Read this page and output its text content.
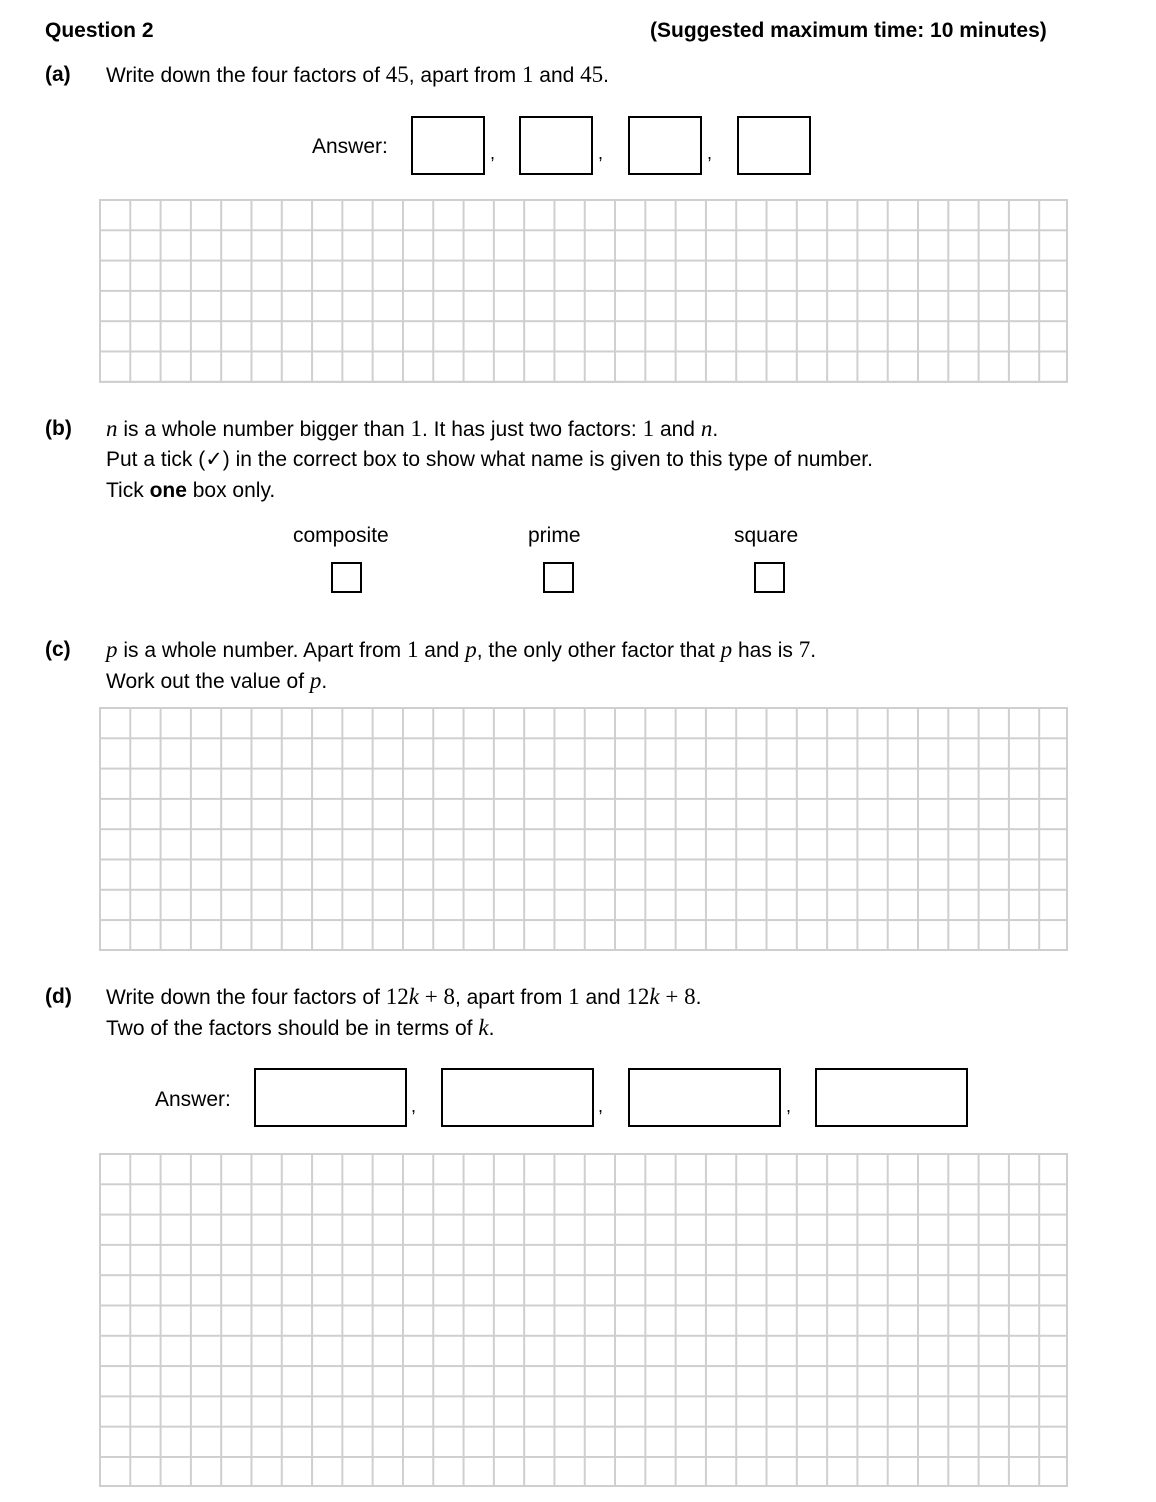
Question 2	(Suggested maximum time: 10 minutes)
(a) Write down the four factors of 45, apart from 1 and 45.
Answer:	,	,	,
(b) n is a whole number bigger than 1. It has just two factors: 1 and n.
Put a tick (✓) in the correct box to show what name is given to this type of number.
Tick one box only.
composite	prime	square
(c) p is a whole number. Apart from 1 and p, the only other factor that p has is 7.
Work out the value of p.
(d) Write down the four factors of 12k + 8, apart from 1 and 12k + 8.
Two of the factors should be in terms of k.
Answer:	,	,	,
